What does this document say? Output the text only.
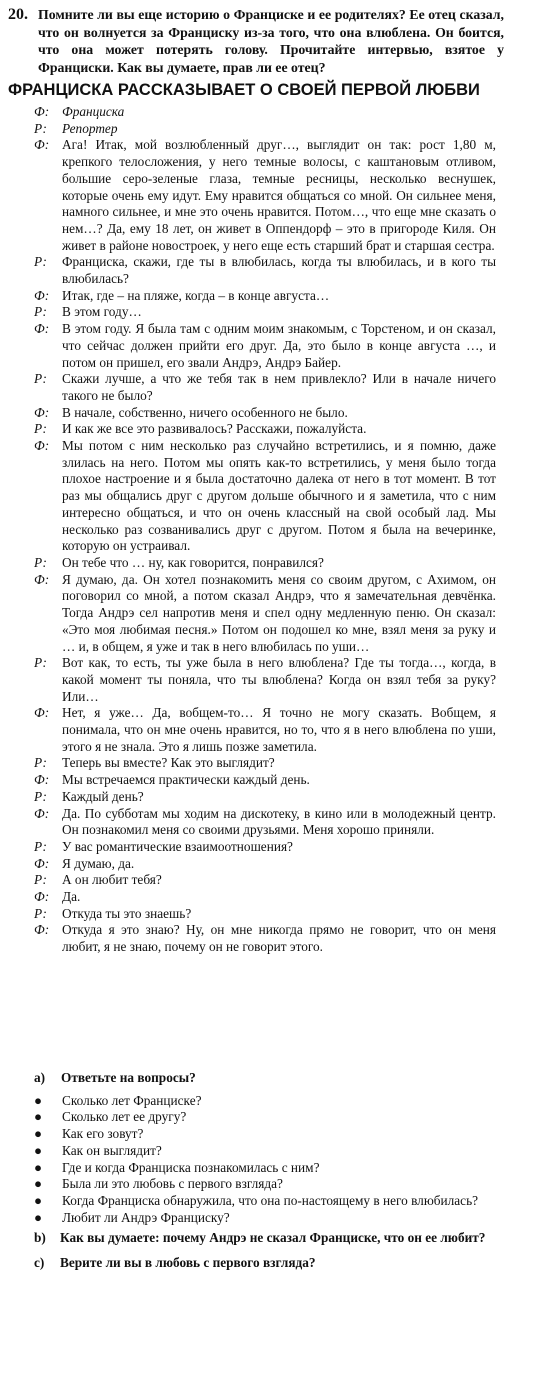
20. Помните ли вы еще историю о Франциске и ее родителях? Ее отец сказал, что он волнуется за Франциску из-за того, что она влюблена. Он боится, что она может потерять голову. Прочитайте интервью, взятое у Франциски. Как вы думаете, прав ли ее отец?
ФРАНЦИСКА РАССКАЗЫВАЕТ О СВОЕЙ ПЕРВОЙ ЛЮБВИ
Ф: Франциска
Р: Репортер
Ф: Ага! Итак, мой возлюбленный друг…, выглядит он так: рост 1,80 м, крепкого телосложения, у него темные волосы, с каштановым отливом, большие серо-зеленые глаза, темные ресницы, несколько веснушек, которые очень ему идут. Ему нравится общаться со мной. Он сильнее меня, намного сильнее, и мне это очень нравится. Потом…, что еще мне сказать о нем…? Да, ему 18 лет, он живет в Оппендорф – это в пригороде Киля. Он живет в районе новостроек, у него еще есть старший брат и старшая сестра.
Р: Франциска, скажи, где ты в влюбилась, когда ты влюбилась, и в кого ты влюбилась?
Ф: Итак, где – на пляже, когда – в конце августа…
Р: В этом году…
Ф: В этом году. Я была там с одним моим знакомым, с Торстеном, и он сказал, что сейчас должен прийти его друг. Да, это было в конце августа …, и потом он пришел, его звали Андрэ, Андрэ Байер.
Р: Скажи лучше, а что же тебя так в нем привлекло? Или в начале ничего такого не было?
Ф: В начале, собственно, ничего особенного не было.
Р: И как же все это развивалось? Расскажи, пожалуйста.
Ф: Мы потом с ним несколько раз случайно встретились, и я помню, даже злилась на него. Потом мы опять как-то встретились, у меня было тогда плохое настроение и я была достаточно далека от него в тот момент. В тот раз мы общались друг с другом дольше обычного и я заметила, что с ним интересно общаться, и что он очень классный на свой особый лад. Мы несколько раз созванивались друг с другом. Потом я была на вечеринке, которую он устраивал.
Р: Он тебе что … ну, как говорится, понравился?
Ф: Я думаю, да. Он хотел познакомить меня со своим другом, с Ахимом, он поговорил со мной, а потом сказал Андрэ, что я замечательная девчёнка. Тогда Андрэ сел напротив меня и спел одну медленную пеню. Он сказал: «Это моя любимая песня.» Потом он подошел ко мне, взял меня за руку и … и, в общем, я уже и так в него влюбилась по уши…
Р: Вот как, то есть, ты уже была в него влюблена? Где ты тогда…, когда, в какой момент ты поняла, что ты влюблена? Когда он взял тебя за руку? Или…
Ф: Нет, я уже… Да, вобщем-то… Я точно не могу сказать. Вобщем, я понимала, что он мне очень нравится, но то, что я в него влюблена по уши, этого я не знала. Это я лишь позже заметила.
Р: Теперь вы вместе? Как это выглядит?
Ф: Мы встречаемся практически каждый день.
Р: Каждый день?
Ф: Да. По субботам мы ходим на дискотеку, в кино или в молодежный центр. Он познакомил меня со своими друзьями. Меня хорошо приняли.
Р: У вас романтические взаимоотношения?
Ф: Я думаю, да.
Р: А он любит тебя?
Ф: Да.
Р: Откуда ты это знаешь?
Ф: Откуда я это знаю? Ну, он мне никогда прямо не говорит, что он меня любит, я не знаю, почему он не говорит этого.
a) Ответьте на вопросы?
● Сколько лет Франциске?
● Сколько лет ее другу?
● Как его зовут?
● Как он выглядит?
● Где и когда Франциска познакомилась с ним?
● Была ли это любовь с первого взгляда?
● Когда Франциска обнаружила, что она по-настоящему в него влюбилась?
● Любит ли Андрэ Франциску?
b) Как вы думаете: почему Андрэ не сказал Франциске, что он ее любит?
c) Верите ли вы в любовь с первого взгляда?
